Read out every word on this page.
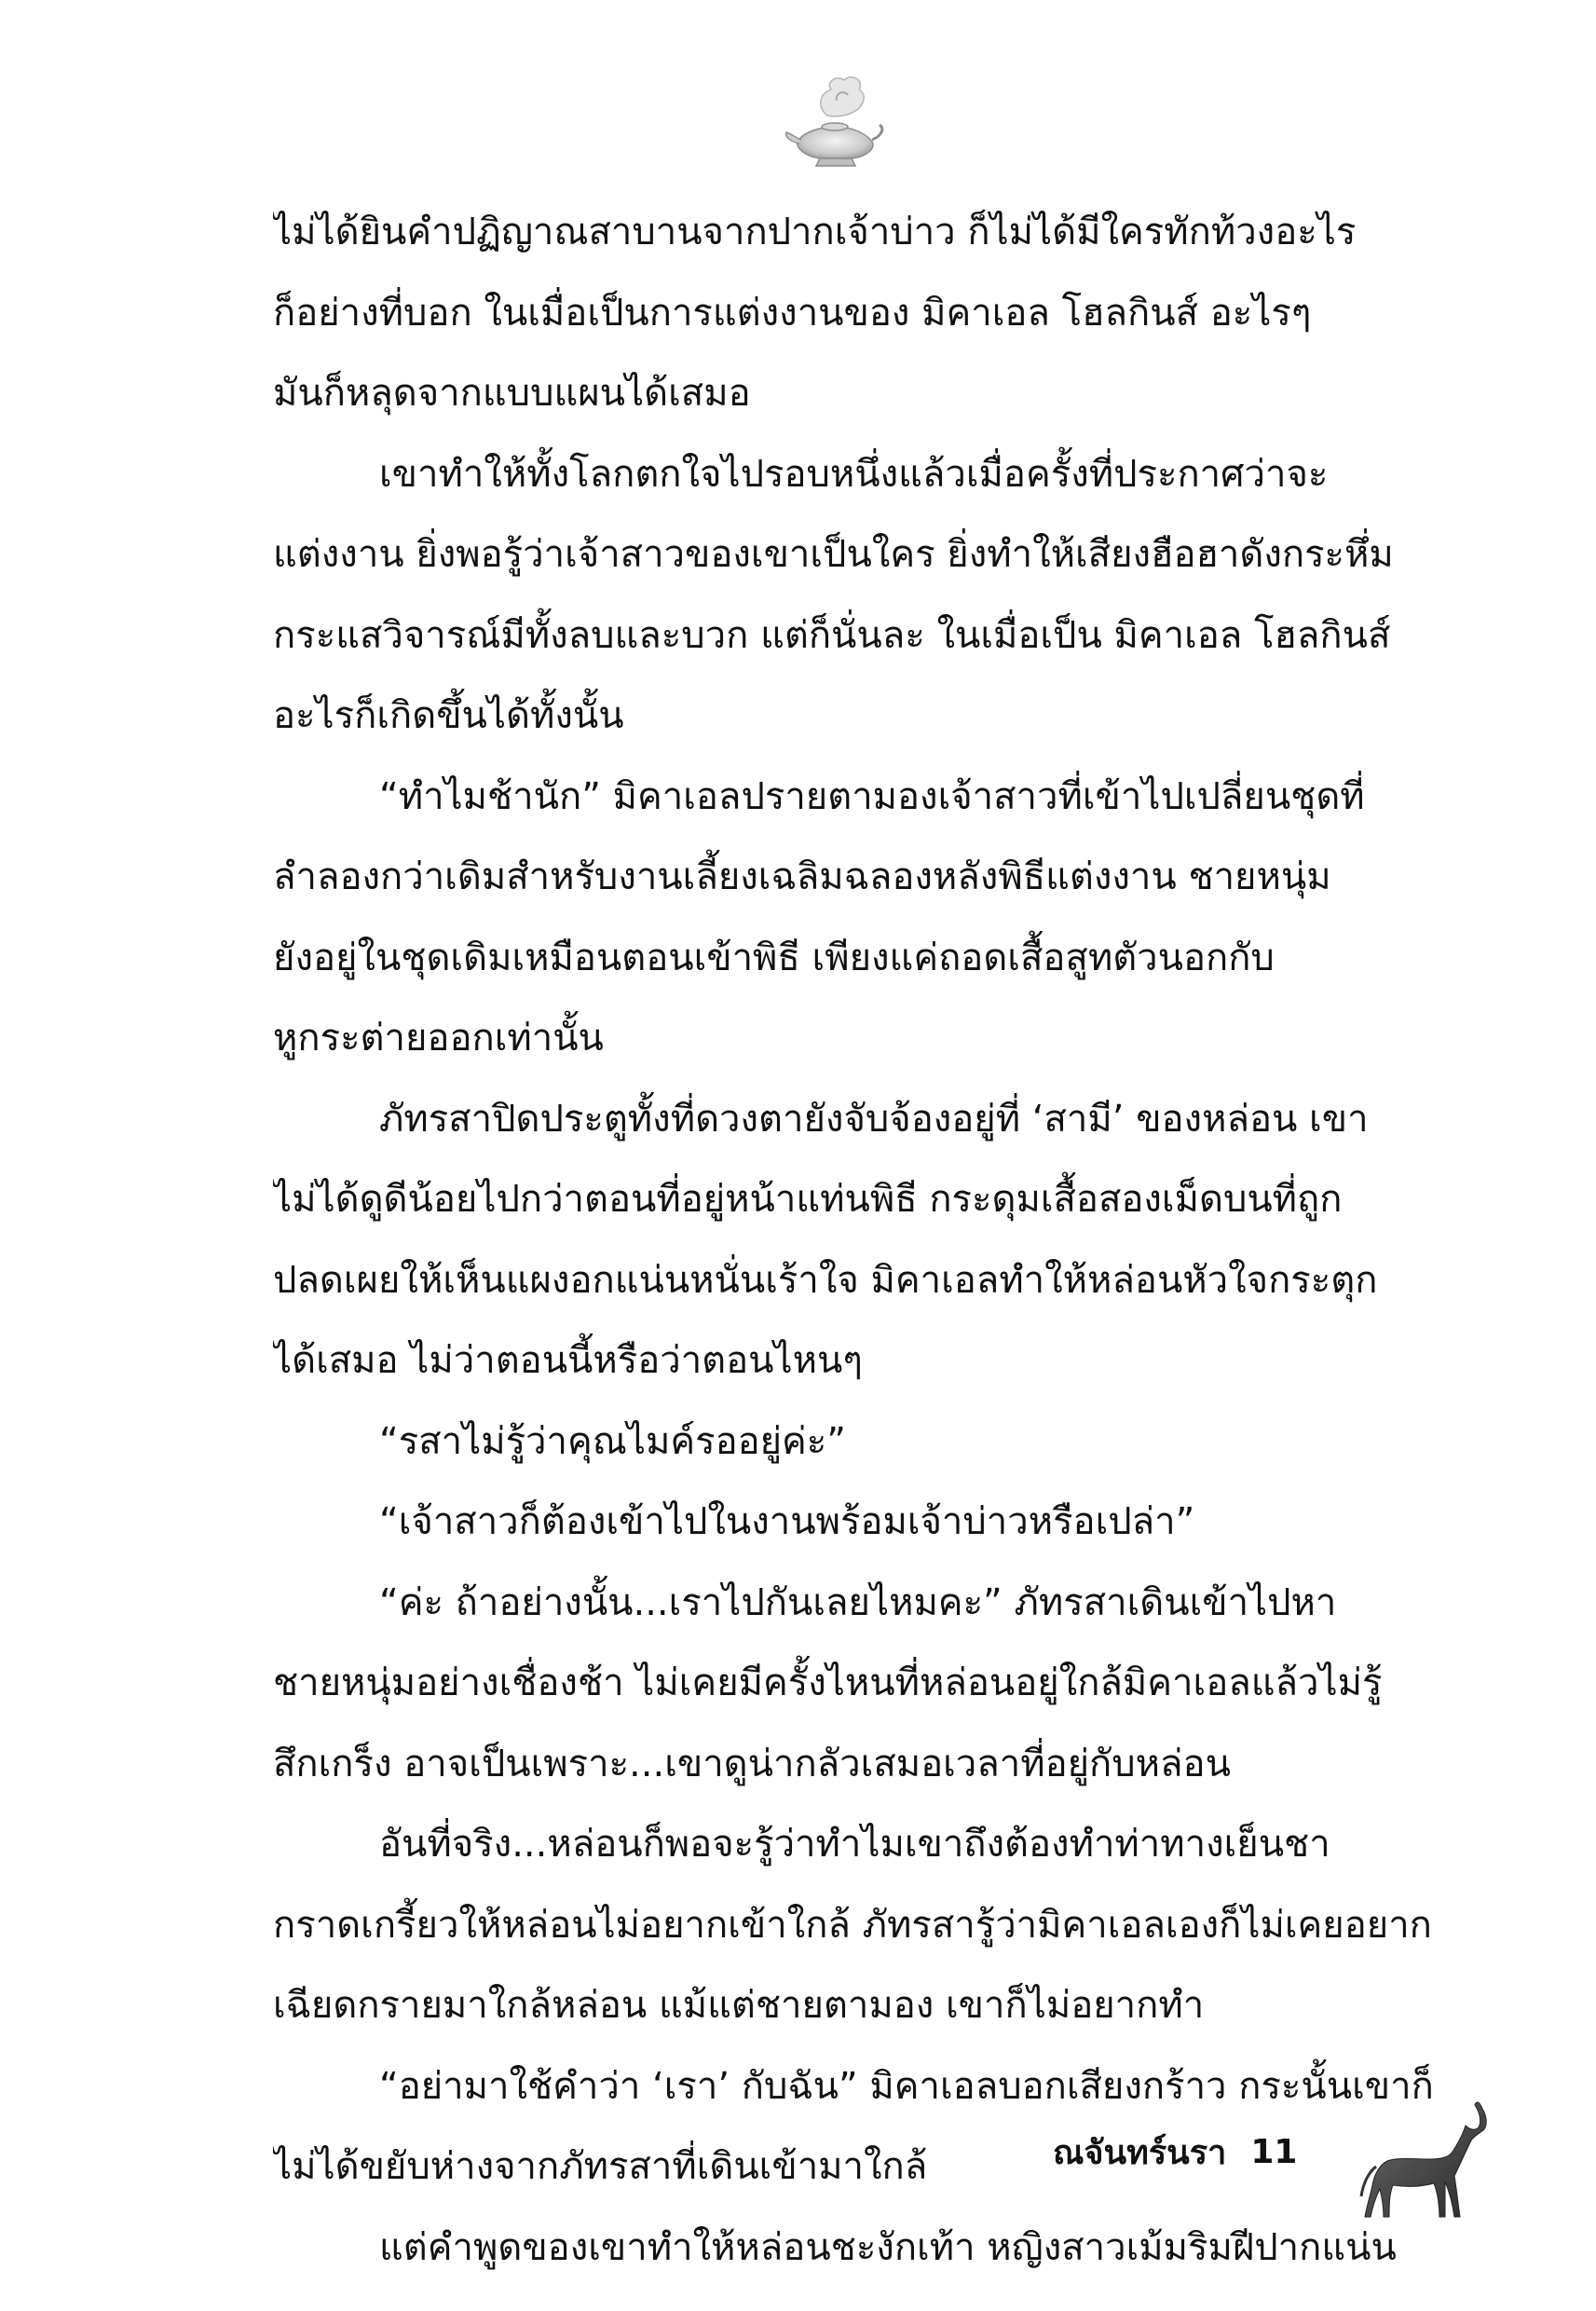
ไม่ได้ยินคำปฏิญาณสาบานจากปากเจ้าบ่าว ก็ไม่ได้มีใครทักท้วงอะไร
ก็อย่างที่บอก ในเมื่อเป็นการแต่งงานของ มิคาเอล โฮลกินส์ อะไรๆ
มันก็หลุดจากแบบแผนได้เสมอ
เขาทำให้ทั้งโลกตกใจไปรอบหนึ่งแล้วเมื่อครั้งที่ประกาศว่าจะ
แต่งงาน ยิ่งพอรู้ว่าเจ้าสาวของเขาเป็นใคร ยิ่งทำให้เสียงฮือฮาดังกระหึ่ม
กระแสวิจารณ์มีทั้งลบและบวก แต่ก็นั่นละ ในเมื่อเป็น มิคาเอล โฮลกินส์
อะไรก็เกิดขึ้นได้ทั้งนั้น
“ทำไมช้านัก” มิคาเอลปรายตามองเจ้าสาวที่เข้าไปเปลี่ยนชุดที่
ลำลองกว่าเดิมสำหรับงานเลี้ยงเฉลิมฉลองหลังพิธีแต่งงาน ชายหนุ่ม
ยังอยู่ในชุดเดิมเหมือนตอนเข้าพิธี เพียงแค่ถอดเสื้อสูทตัวนอกกับ
หูกระต่ายออกเท่านั้น
ภัทรสาปิดประตูทั้งที่ดวงตายังจับจ้องอยู่ที่ ‘สามี’ ของหล่อน เขา
ไม่ได้ดูดีน้อยไปกว่าตอนที่อยู่หน้าแท่นพิธี กระดุมเสื้อสองเม็ดบนที่ถูก
ปลดเผยให้เห็นแผงอกแน่นหนั่นเร้าใจ มิคาเอลทำให้หล่อนหัวใจกระตุก
ได้เสมอ ไม่ว่าตอนนี้หรือว่าตอนไหนๆ
“รสาไม่รู้ว่าคุณไมค์รออยู่ค่ะ”
“เจ้าสาวก็ต้องเข้าไปในงานพร้อมเจ้าบ่าวหรือเปล่า”
“ค่ะ ถ้าอย่างนั้น...เราไปกันเลยไหมคะ” ภัทรสาเดินเข้าไปหา
ชายหนุ่มอย่างเชื่องช้า ไม่เคยมีครั้งไหนที่หล่อนอยู่ใกล้มิคาเอลแล้วไม่รู้
สึกเกร็ง อาจเป็นเพราะ...เขาดูน่ากลัวเสมอเวลาที่อยู่กับหล่อน
อันที่จริง...หล่อนก็พอจะรู้ว่าทำไมเขาถึงต้องทำท่าทางเย็นชา
กราดเกรี้ยวให้หล่อนไม่อยากเข้าใกล้ ภัทรสารู้ว่ามิคาเอลเองก็ไม่เคยอยาก
เฉียดกรายมาใกล้หล่อน แม้แต่ชายตามอง เขาก็ไม่อยากทำ
“อย่ามาใช้คำว่า ‘เรา’ กับฉัน” มิคาเอลบอกเสียงกร้าว กระนั้นเขาก็
ไม่ได้ขยับห่างจากภัทรสาที่เดินเข้ามาใกล้
แต่คำพูดของเขาทำให้หล่อนชะงักเท้า หญิงสาวเม้มริมฝีปากแน่น
ณจันทร์นรา 11
